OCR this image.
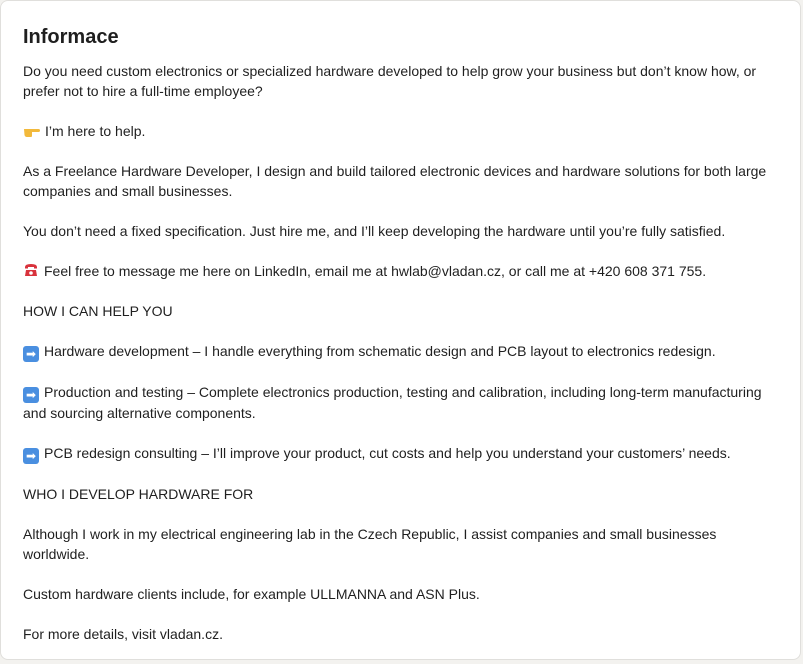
Informace

Do you need custom electronics or specialized hardware developed to help grow your business but don’t know how, or prefer not to hire a full-time employee?

I’m here to help.

As a Freelance Hardware Developer, I design and build tailored electronic devices and hardware solutions for both large companies and small businesses.

You don’t need a fixed specification. Just hire me, and I’ll keep developing the hardware until you’re fully satisfied.

Feel free to message me here on LinkedIn, email me at hwlab@vladan.cz, or call me at +420 608 371 755.

HOW I CAN HELP YOU

➡ Hardware development – I handle everything from schematic design and PCB layout to electronics redesign.

➡ Production and testing – Complete electronics production, testing and calibration, including long-term manufacturing and sourcing alternative components.

➡ PCB redesign consulting – I’ll improve your product, cut costs and help you understand your customers’ needs.

WHO I DEVELOP HARDWARE FOR

Although I work in my electrical engineering lab in the Czech Republic, I assist companies and small businesses worldwide.

Custom hardware clients include, for example ULLMANNA and ASN Plus.

For more details, visit vladan.cz.
